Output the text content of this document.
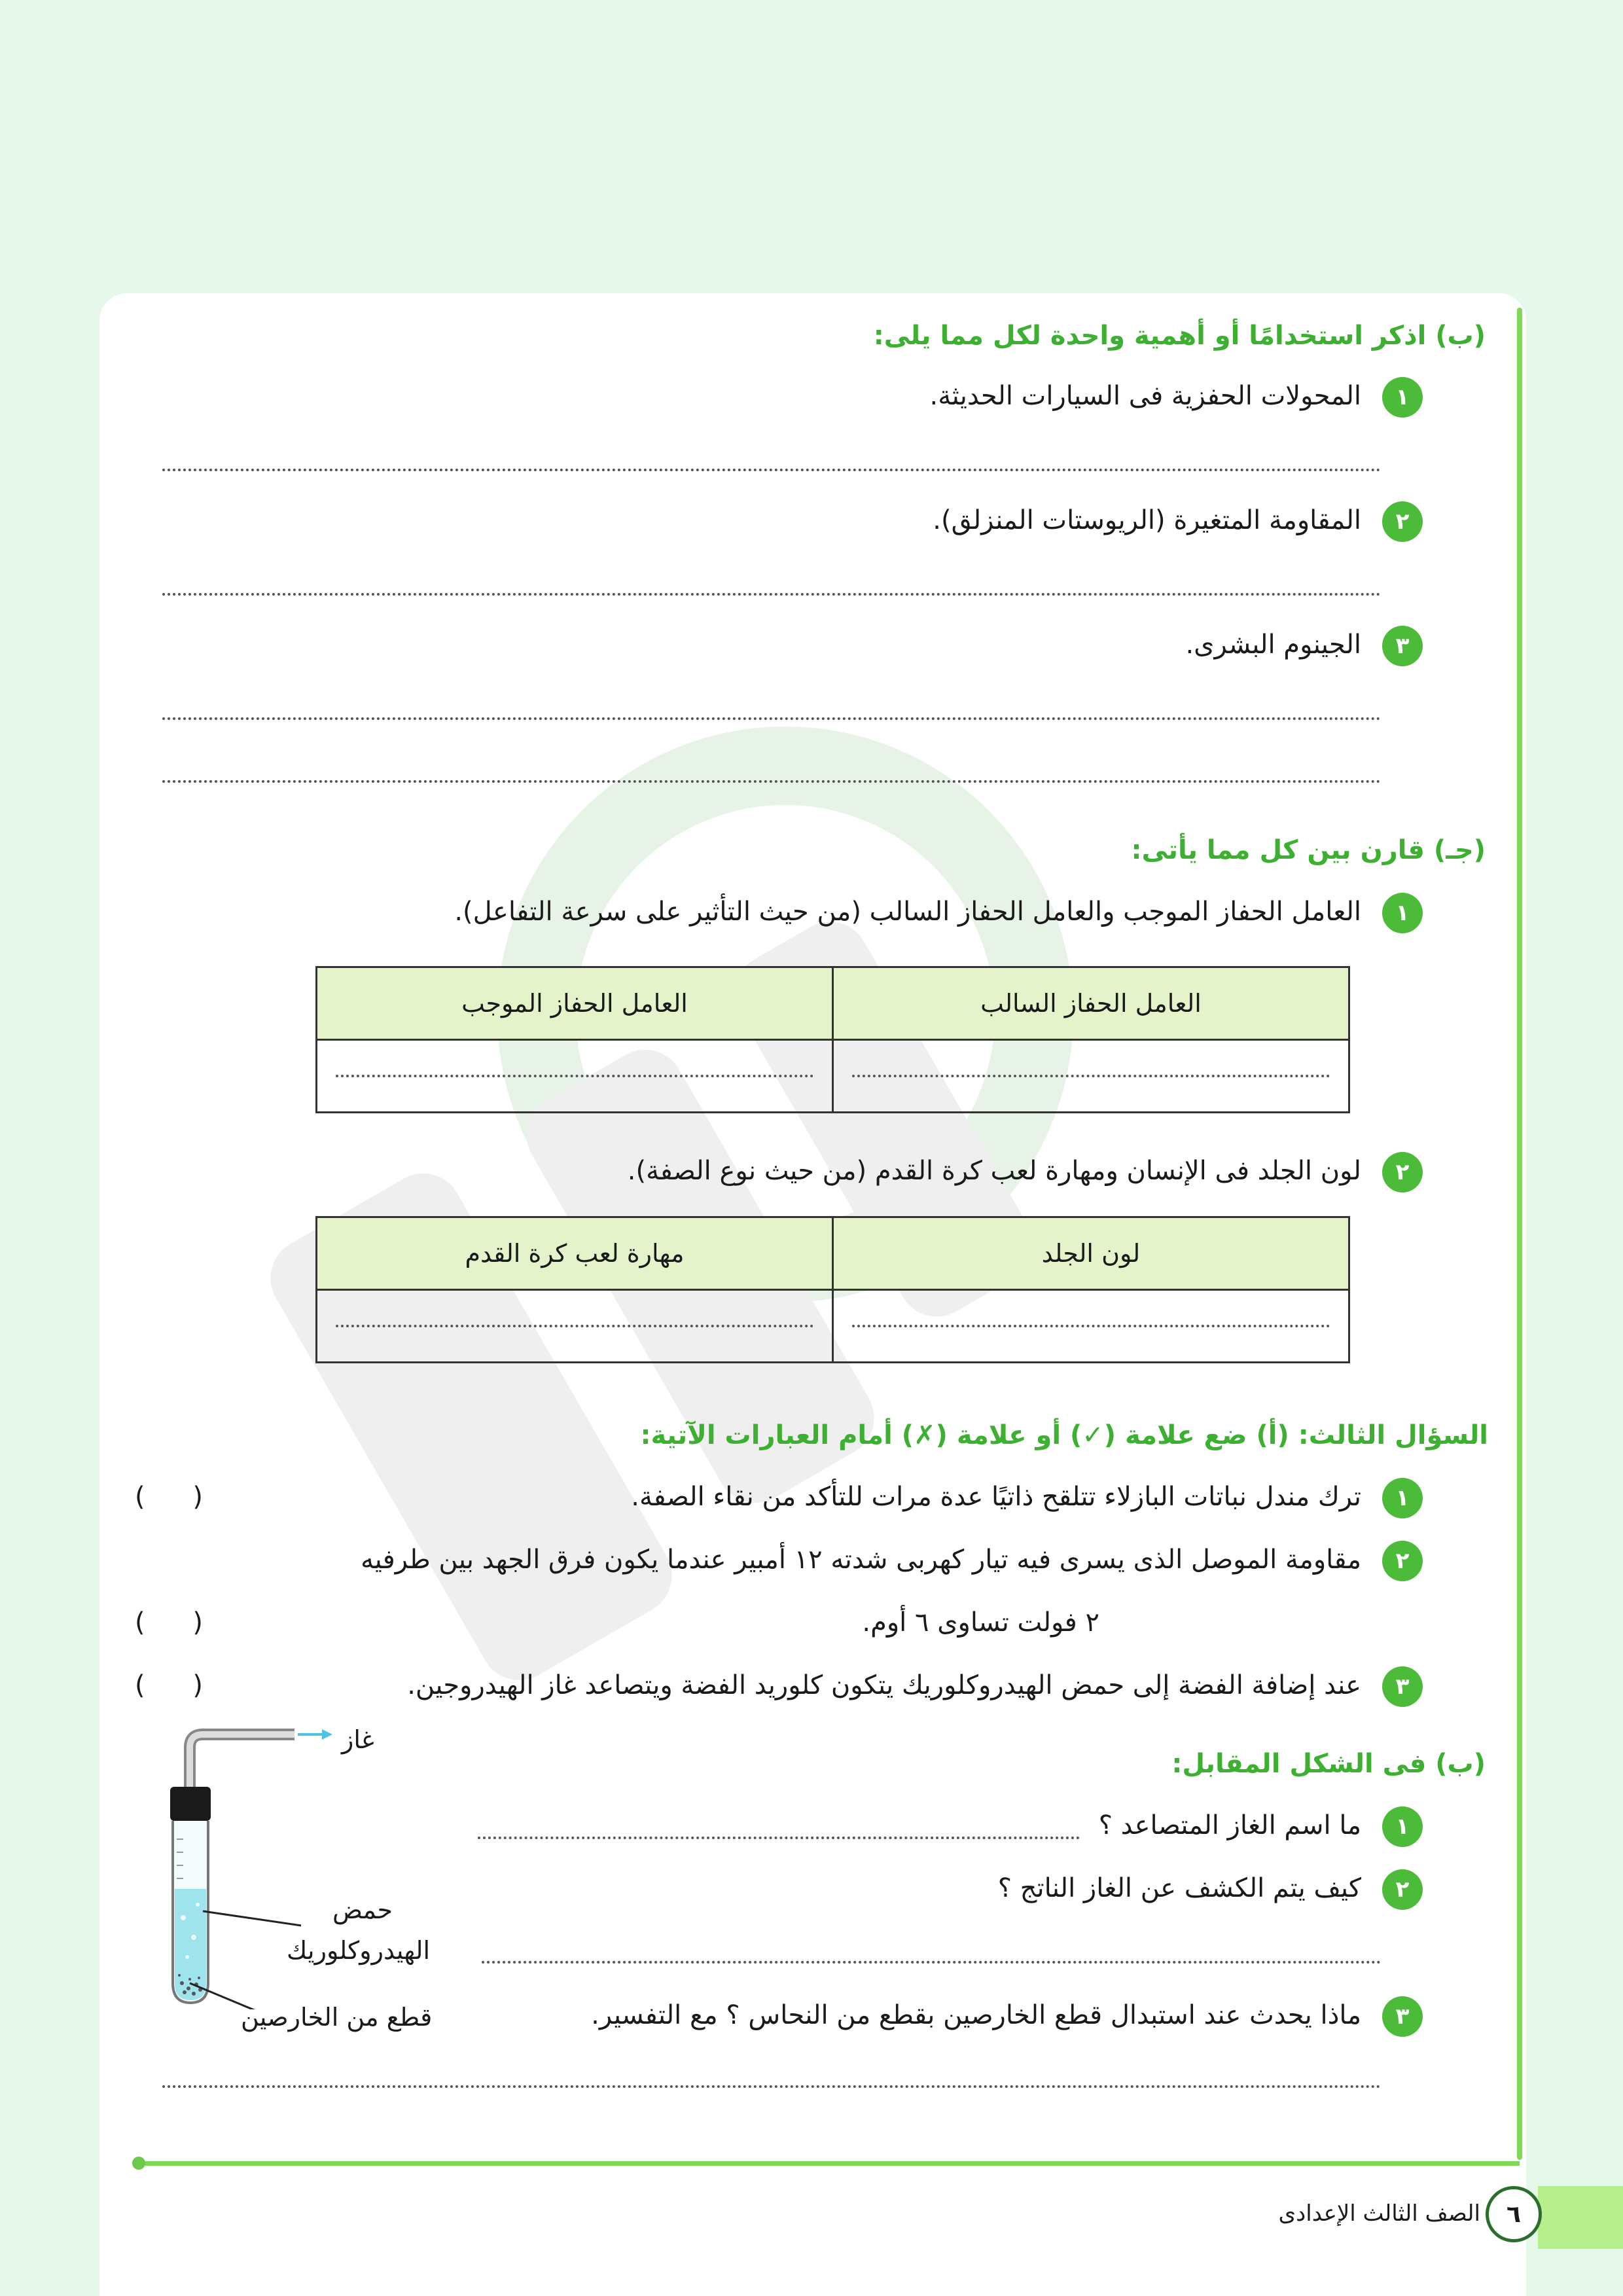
(ب) اذكر استخدامًا أو أهمية واحدة لكل مما يلى:
١
المحولات الحفزية فى السيارات الحديثة.
٢
المقاومة المتغيرة (الريوستات المنزلق).
٣
الجينوم البشرى.
(جـ) قارن بين كل مما يأتى:
١
العامل الحفاز الموجب والعامل الحفاز السالب (من حيث التأثير على سرعة التفاعل).
العامل الحفاز الموجب	العامل الحفاز السالب

٢
لون الجلد فى الإنسان ومهارة لعب كرة القدم (من حيث نوع الصفة).
مهارة لعب كرة القدم	لون الجلد

السؤال الثالث: (أ) ضع علامة (✓) أو علامة (✗) أمام العبارات الآتية:
١
ترك مندل نباتات البازلاء تتلقح ذاتيًا عدة مرات للتأكد من نقاء الصفة.
( )
٢
مقاومة الموصل الذى يسرى فيه تيار كهربى شدته ١٢ أمبير عندما يكون فرق الجهد بين طرفيه
٢ فولت تساوى ٦ أوم.
( )
٣
عند إضافة الفضة إلى حمض الهيدروكلوريك يتكون كلوريد الفضة ويتصاعد غاز الهيدروجين.
( )
(ب) فى الشكل المقابل:
١
ما اسم الغاز المتصاعد ؟
٢
كيف يتم الكشف عن الغاز الناتج ؟
٣
ماذا يحدث عند استبدال قطع الخارصين بقطع من النحاس ؟ مع التفسير.
غاز
حمض
الهيدروكلوريك
قطع من الخارصين
الصف الثالث الإعدادى	٦
